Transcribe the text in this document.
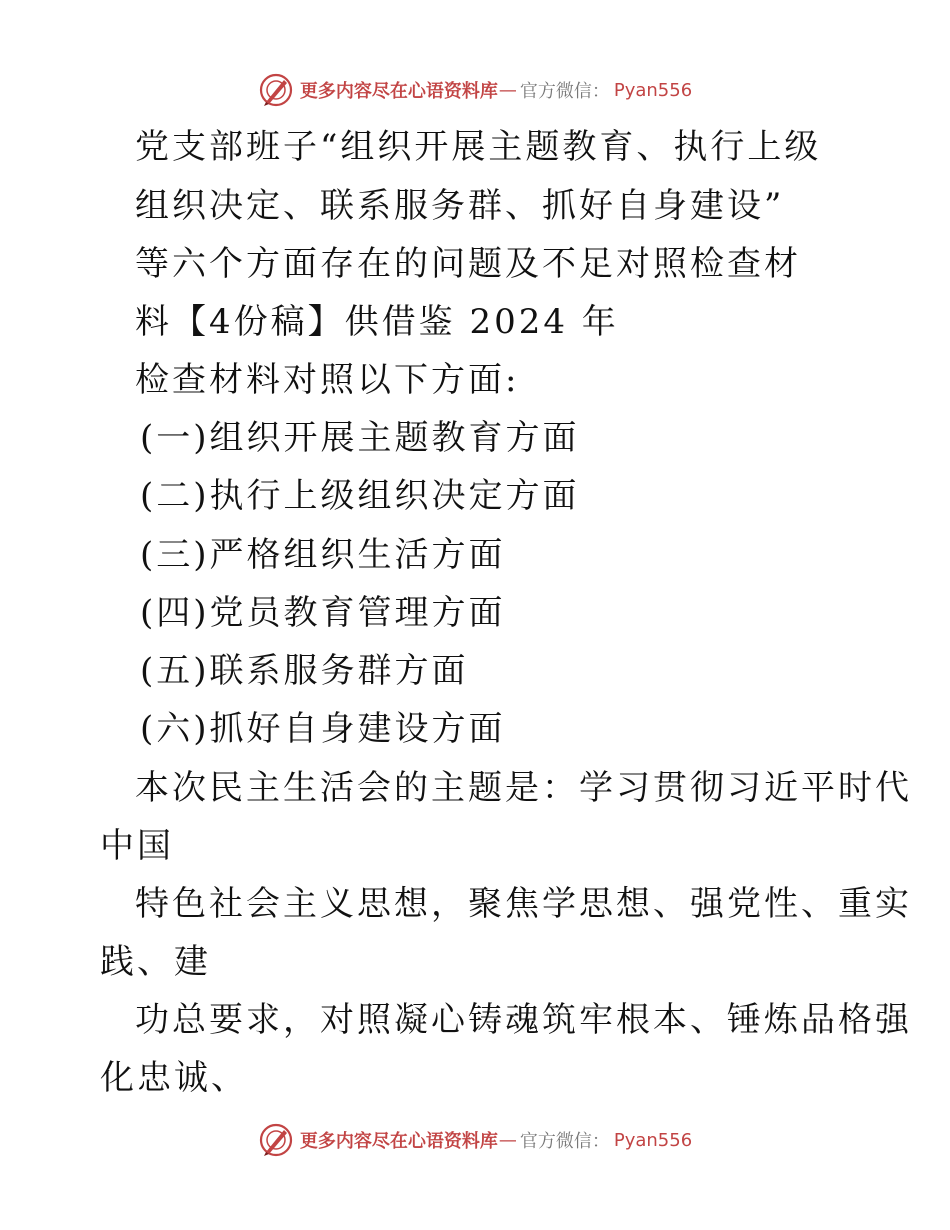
更多内容尽在心语资料库 — 官方微信： Pyan556

党支部班子“组织开展主题教育、执行上级

组织决定、联系服务群、抓好自身建设”

等六个方面存在的问题及不足对照检查材

料【4份稿】供借鉴 2024 年

检查材料对照以下方面:

(一)组织开展主题教育方面

(二)执行上级组织决定方面

(三)严格组织生活方面

(四)党员教育管理方面

(五)联系服务群方面

(六)抓好自身建设方面

本次民主生活会的主题是：学习贯彻习近平时代

中国

特色社会主义思想，聚焦学思想、强党性、重实

践、建

功总要求，对照凝心铸魂筑牢根本、锤炼品格强

化忠诚、

更多内容尽在心语资料库 — 官方微信： Pyan556
